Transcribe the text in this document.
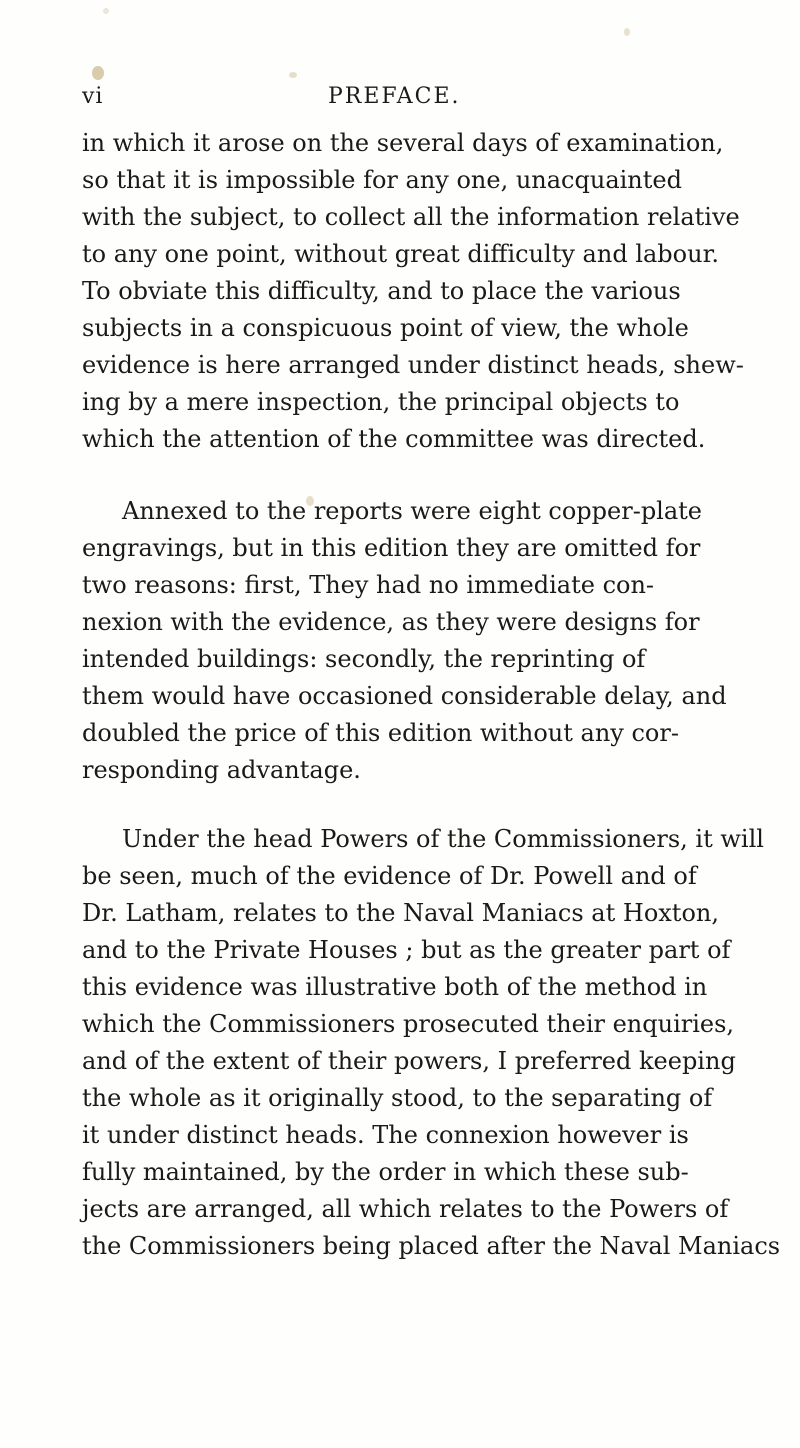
vi	PREFACE.
in which it arose on the several days of examination,
so that it is impossible for any one, unacquainted
with the subject, to collect all the information relative
to any one point, without great difficulty and labour.
To obviate this difficulty, and to place the various
subjects in a conspicuous point of view, the whole
evidence is here arranged under distinct heads, shew-
ing by a mere inspection, the principal objects to
which the attention of the committee was directed.
Annexed to the reports were eight copper-plate
engravings, but in this edition they are omitted for
two reasons: first, They had no immediate con-
nexion with the evidence, as they were designs for
intended buildings: secondly, the reprinting of
them would have occasioned considerable delay, and
doubled the price of this edition without any cor-
responding advantage.
Under the head Powers of the Commissioners, it will
be seen, much of the evidence of Dr. Powell and of
Dr. Latham, relates to the Naval Maniacs at Hoxton,
and to the Private Houses ; but as the greater part of
this evidence was illustrative both of the method in
which the Commissioners prosecuted their enquiries,
and of the extent of their powers, I preferred keeping
the whole as it originally stood, to the separating of
it under distinct heads. The connexion however is
fully maintained, by the order in which these sub-
jects are arranged, all which relates to the Powers of
the Commissioners being placed after the Naval Maniacs
